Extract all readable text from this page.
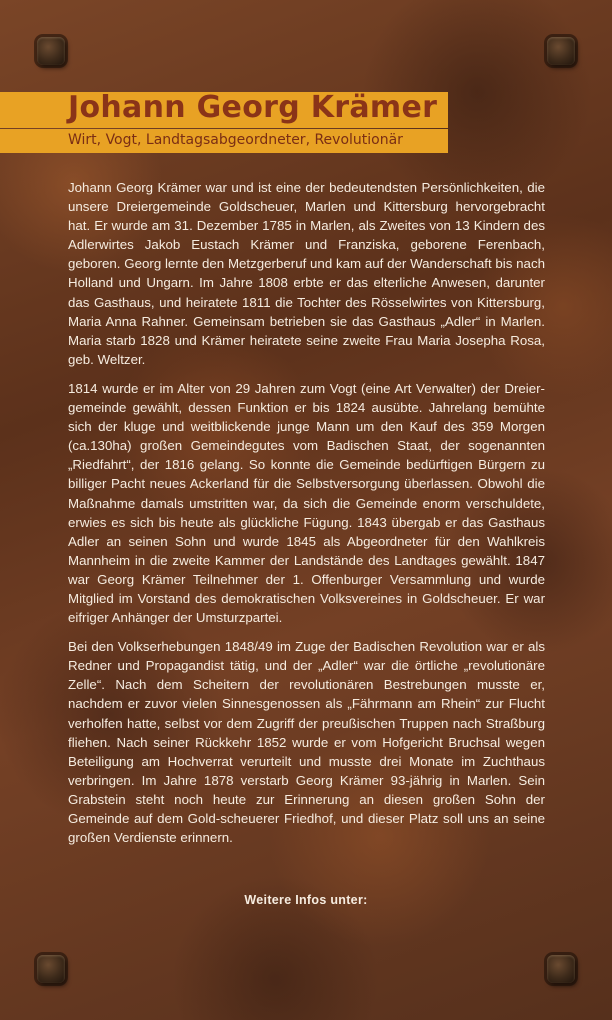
Johann Georg Krämer

Wirt, Vogt, Landtagsabgeordneter, Revolutionär

Johann Georg Krämer war und ist eine der bedeutendsten Persönlichkeiten, die unsere Dreiergemeinde Goldscheuer, Marlen und Kittersburg hervorgebracht hat. Er wurde am 31. Dezember 1785 in Marlen, als Zweites von 13 Kindern des Adlerwirtes Jakob Eustach Krämer und Franziska, geborene Ferenbach, geboren. Georg lernte den Metzgerberuf und kam auf der Wanderschaft bis nach Holland und Ungarn. Im Jahre 1808 erbte er das elterliche Anwesen, darunter das Gasthaus, und heiratete 1811 die Tochter des Rösselwirtes von Kittersburg, Maria Anna Rahner. Gemeinsam betrieben sie das Gasthaus „Adler“ in Marlen. Maria starb 1828 und Krämer heiratete seine zweite Frau Maria Josepha Rosa, geb. Weltzer.

1814 wurde er im Alter von 29 Jahren zum Vogt (eine Art Verwalter) der Dreier-gemeinde gewählt, dessen Funktion er bis 1824 ausübte. Jahrelang bemühte sich der kluge und weitblickende junge Mann um den Kauf des 359 Morgen (ca.130ha) großen Gemeindegutes vom Badischen Staat, der sogenannten „Riedfahrt“, der 1816 gelang. So konnte die Gemeinde bedürftigen Bürgern zu billiger Pacht neues Ackerland für die Selbstversorgung überlassen. Obwohl die Maßnahme damals umstritten war, da sich die Gemeinde enorm verschuldete, erwies es sich bis heute als glückliche Fügung. 1843 übergab er das Gasthaus Adler an seinen Sohn und wurde 1845 als Abgeordneter für den Wahlkreis Mannheim in die zweite Kammer der Landstände des Landtages gewählt. 1847 war Georg Krämer Teilnehmer der 1. Offenburger Versammlung und wurde Mitglied im Vorstand des demokratischen Volksvereines in Goldscheuer. Er war eifriger Anhänger der Umsturzpartei.

Bei den Volkserhebungen 1848/49 im Zuge der Badischen Revolution war er als Redner und Propagandist tätig, und der „Adler“ war die örtliche „revolutionäre Zelle“. Nach dem Scheitern der revolutionären Bestrebungen musste er, nachdem er zuvor vielen Sinnesgenossen als „Fährmann am Rhein“ zur Flucht verholfen hatte, selbst vor dem Zugriff der preußischen Truppen nach Straßburg fliehen. Nach seiner Rückkehr 1852 wurde er vom Hofgericht Bruchsal wegen Beteiligung am Hochverrat verurteilt und musste drei Monate im Zuchthaus verbringen. Im Jahre 1878 verstarb Georg Krämer 93-jährig in Marlen. Sein Grabstein steht noch heute zur Erinnerung an diesen großen Sohn der Gemeinde auf dem Gold-scheuerer Friedhof, und dieser Platz soll uns an seine großen Verdienste erinnern.

Weitere Infos unter:
